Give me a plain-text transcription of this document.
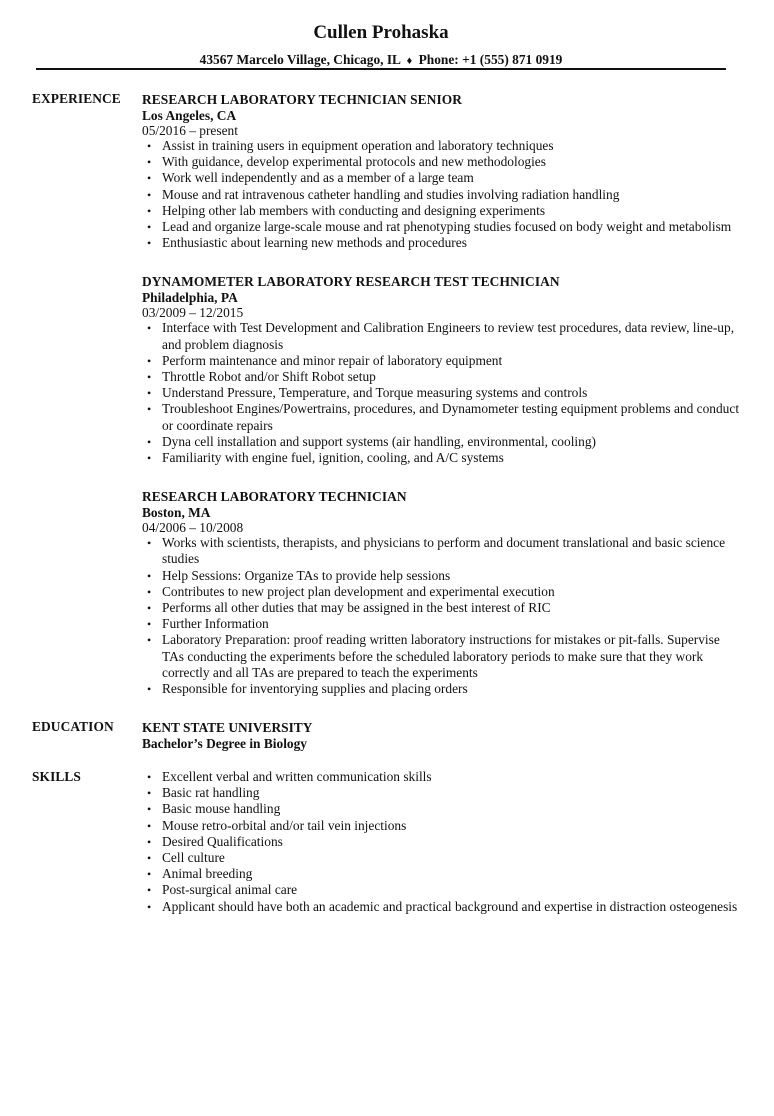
Cullen Prohaska
43567 Marcelo Village, Chicago, IL ♦ Phone: +1 (555) 871 0919
EXPERIENCE RESEARCH LABORATORY TECHNICIAN SENIOR
Los Angeles, CA
05/2016 – present
• Assist in training users in equipment operation and laboratory techniques
• With guidance, develop experimental protocols and new methodologies
• Work well independently and as a member of a large team
• Mouse and rat intravenous catheter handling and studies involving radiation handling
• Helping other lab members with conducting and designing experiments
• Lead and organize large-scale mouse and rat phenotyping studies focused on body weight and metabolism
• Enthusiastic about learning new methods and procedures
DYNAMOMETER LABORATORY RESEARCH TEST TECHNICIAN
Philadelphia, PA
03/2009 – 12/2015
• Interface with Test Development and Calibration Engineers to review test procedures, data review, line-up, and problem diagnosis
• Perform maintenance and minor repair of laboratory equipment
• Throttle Robot and/or Shift Robot setup
• Understand Pressure, Temperature, and Torque measuring systems and controls
• Troubleshoot Engines/Powertrains, procedures, and Dynamometer testing equipment problems and conduct or coordinate repairs
• Dyna cell installation and support systems (air handling, environmental, cooling)
• Familiarity with engine fuel, ignition, cooling, and A/C systems
RESEARCH LABORATORY TECHNICIAN
Boston, MA
04/2006 – 10/2008
• Works with scientists, therapists, and physicians to perform and document translational and basic science studies
• Help Sessions: Organize TAs to provide help sessions
• Contributes to new project plan development and experimental execution
• Performs all other duties that may be assigned in the best interest of RIC
• Further Information
• Laboratory Preparation: proof reading written laboratory instructions for mistakes or pit-falls. Supervise TAs conducting the experiments before the scheduled laboratory periods to make sure that they work correctly and all TAs are prepared to teach the experiments
• Responsible for inventorying supplies and placing orders
EDUCATION KENT STATE UNIVERSITY
Bachelor’s Degree in Biology
SKILLS	• Excellent verbal and written communication skills
• Basic rat handling
• Basic mouse handling
• Mouse retro-orbital and/or tail vein injections
• Desired Qualifications
• Cell culture
• Animal breeding
• Post-surgical animal care
• Applicant should have both an academic and practical background and expertise in distraction osteogenesis
